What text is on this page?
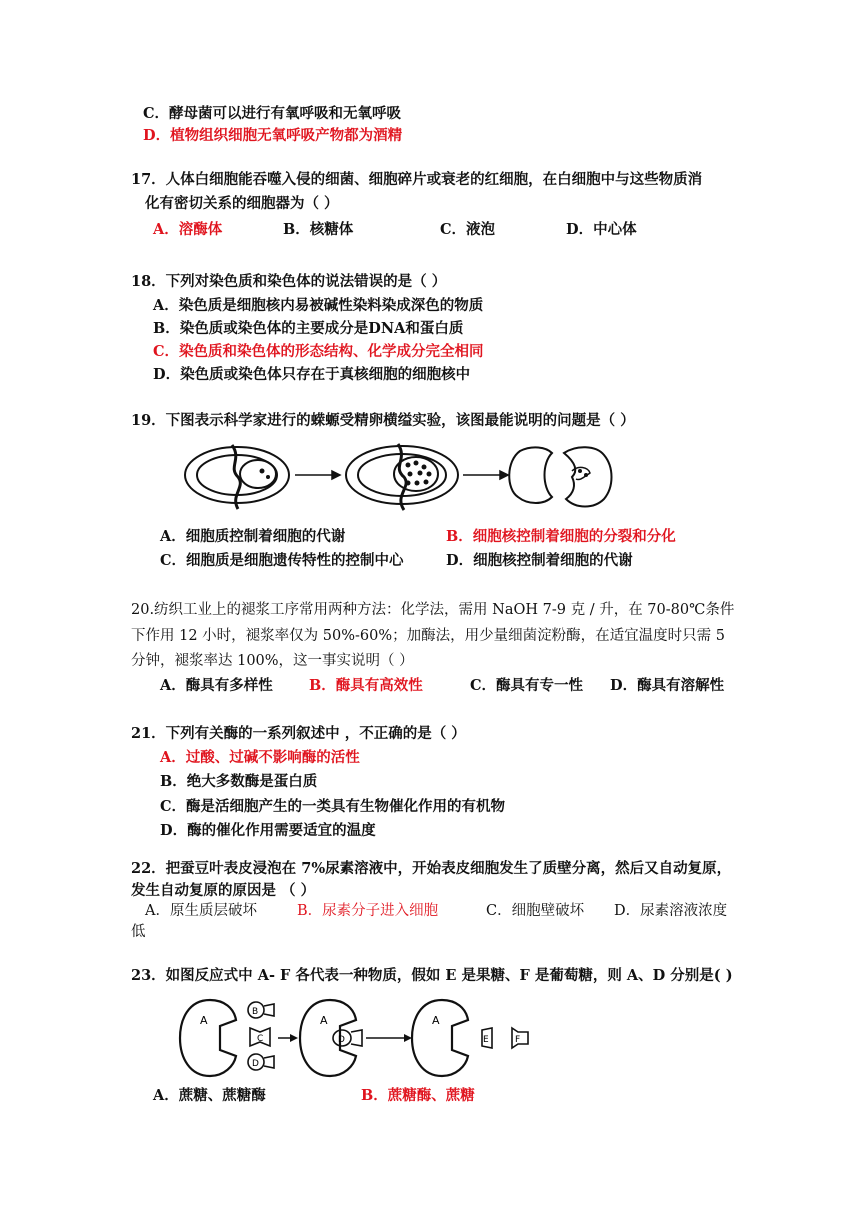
C．酵母菌可以进行有氧呼吸和无氧呼吸
D．植物组织细胞无氧呼吸产物都为酒精
17．人体白细胞能吞噬入侵的细菌、细胞碎片或衰老的红细胞，在白细胞中与这些物质消
化有密切关系的细胞器为（ ）
A．溶酶体	B．核糖体	C．液泡	D．中心体
18．下列对染色质和染色体的说法错误的是（ ）
A．染色质是细胞核内易被碱性染料染成深色的物质
B．染色质或染色体的主要成分是DNA和蛋白质
C．染色质和染色体的形态结构、化学成分完全相同
D．染色质或染色体只存在于真核细胞的细胞核中
19．下图表示科学家进行的蝾螈受精卵横缢实验，该图最能说明的问题是（ ）
A．细胞质控制着细胞的代谢	B．细胞核控制着细胞的分裂和分化
C．细胞质是细胞遗传特性的控制中心	D．细胞核控制着细胞的代谢
20.纺织工业上的褪浆工序常用两种方法：化学法，需用 NaOH 7-9 克 / 升，在 70-80℃条件
下作用 12 小时，褪浆率仅为 50%-60%；加酶法，用少量细菌淀粉酶，在适宜温度时只需 5
分钟，褪浆率达 100%，这一事实说明（ ）
A．酶具有多样性	B．酶具有高效性	C．酶具有专一性 D．酶具有溶解性
21．下列有关酶的一系列叙述中 ，不正确的是（ ）
A．过酸、过碱不影响酶的活性
B．绝大多数酶是蛋白质
C．酶是活细胞产生的一类具有生物催化作用的有机物
D．酶的催化作用需要适宜的温度
22．把蚕豆叶表皮浸泡在 7%尿素溶液中，开始表皮细胞发生了质壁分离，然后又自动复原，
发生自动复原的原因是 （ ）
A．原生质层破坏	B．尿素分子进入细胞	C．细胞壁破坏 D．尿素溶液浓度
低
23．如图反应式中 A- F 各代表一种物质，假如 E 是果糖、F 是葡萄糖，则 A、D 分别是( )
A
B
C
D
A
D
A
E	F
A．蔗糖、蔗糖酶	B．蔗糖酶、蔗糖
